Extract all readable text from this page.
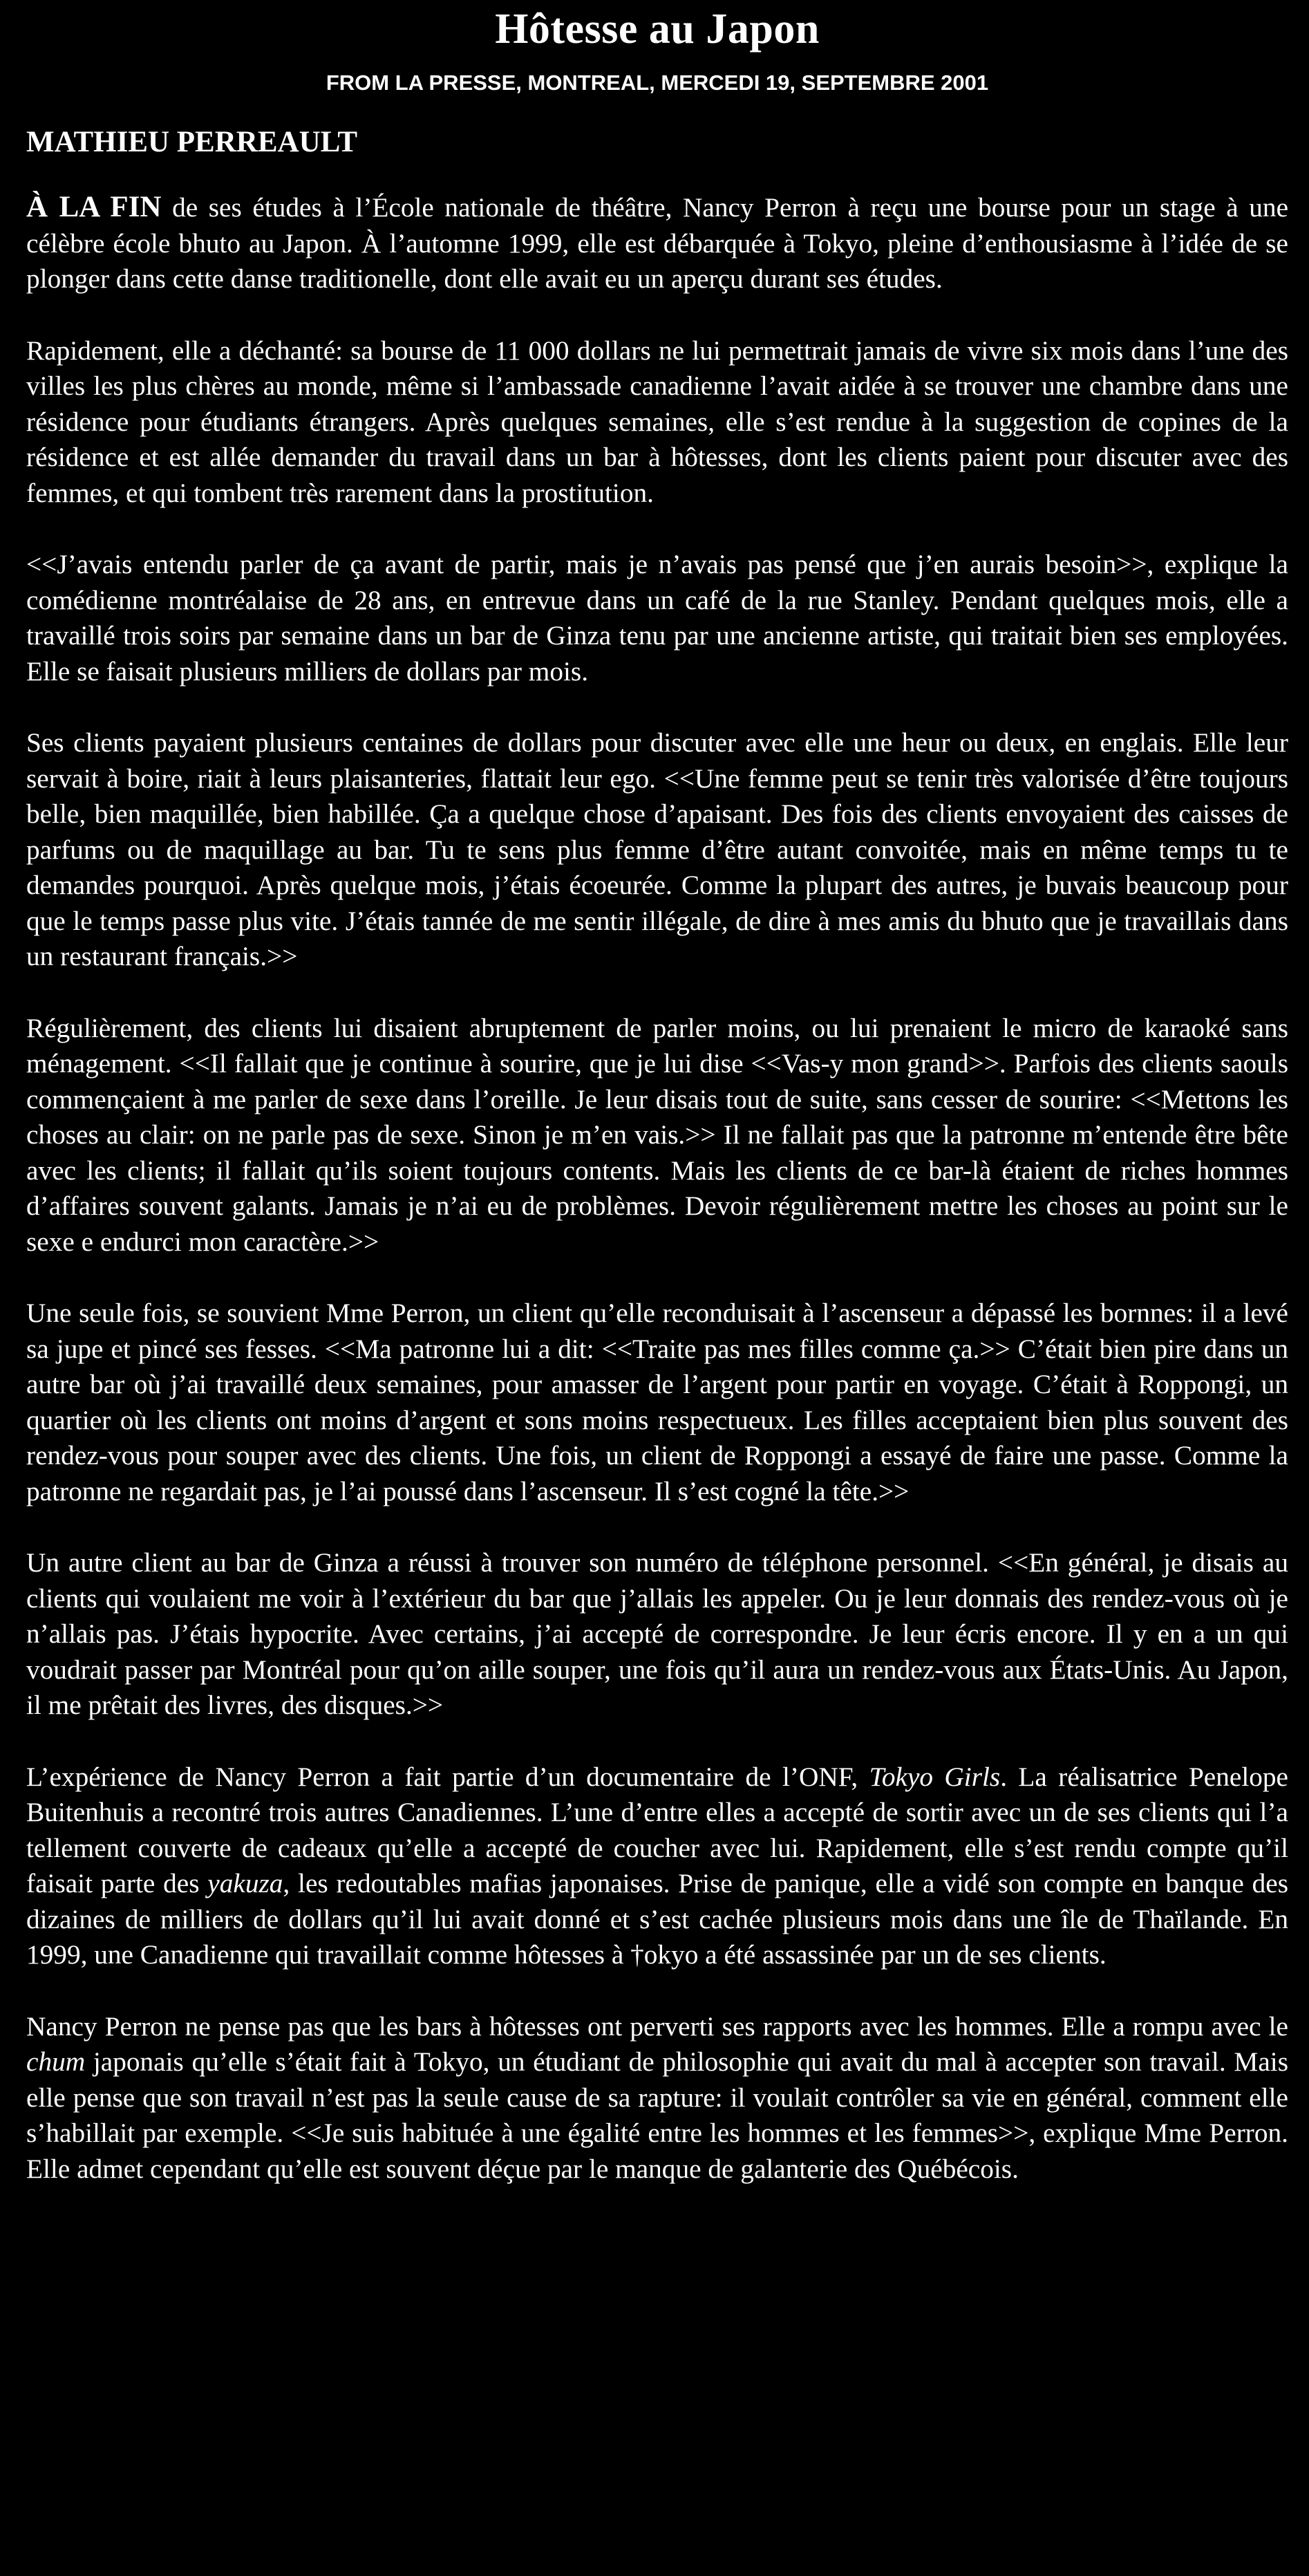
Hôtesse au Japon
FROM LA PRESSE, MONTREAL, MERCEDI 19, SEPTEMBRE 2001
MATHIEU PERREAULT

À LA FIN de ses études à l’École nationale de théâtre, Nancy Perron à reçu une bourse pour un stage à une célèbre école bhuto au Japon. À l’automne 1999, elle est débarquée à Tokyo, pleine d’enthousiasme à l’idée de se plonger dans cette danse traditionelle, dont elle avait eu un aperçu durant ses études.

Rapidement, elle a déchanté: sa bourse de 11 000 dollars ne lui permettrait jamais de vivre six mois dans l’une des villes les plus chères au monde, même si l’ambassade canadienne l’avait aidée à se trouver une chambre dans une résidence pour étudiants étrangers. Après quelques semaines, elle s’est rendue à la suggestion de copines de la résidence et est allée demander du travail dans un bar à hôtesses, dont les clients paient pour discuter avec des femmes, et qui tombent très rarement dans la prostitution.

<<J’avais entendu parler de ça avant de partir, mais je n’avais pas pensé que j’en aurais besoin>>, explique la comédienne montréalaise de 28 ans, en entrevue dans un café de la rue Stanley. Pendant quelques mois, elle a travaillé trois soirs par semaine dans un bar de Ginza tenu par une ancienne artiste, qui traitait bien ses employées. Elle se faisait plusieurs milliers de dollars par mois.

Ses clients payaient plusieurs centaines de dollars pour discuter avec elle une heur ou deux, en englais. Elle leur servait à boire, riait à leurs plaisanteries, flattait leur ego. <<Une femme peut se tenir très valorisée d’être toujours belle, bien maquillée, bien habillée. Ça a quelque chose d’apaisant. Des fois des clients envoyaient des caisses de parfums ou de maquillage au bar. Tu te sens plus femme d’être autant convoitée, mais en même temps tu te demandes pourquoi. Après quelque mois, j’étais écoeurée. Comme la plupart des autres, je buvais beaucoup pour que le temps passe plus vite. J’étais tannée de me sentir illégale, de dire à mes amis du bhuto que je travaillais dans un restaurant français.>>

Régulièrement, des clients lui disaient abruptement de parler moins, ou lui prenaient le micro de karaoké sans ménagement. <<Il fallait que je continue à sourire, que je lui dise <<Vas-y mon grand>>. Parfois des clients saouls commençaient à me parler de sexe dans l’oreille. Je leur disais tout de suite, sans cesser de sourire: <<Mettons les choses au clair: on ne parle pas de sexe. Sinon je m’en vais.>> Il ne fallait pas que la patronne m’entende être bête avec les clients; il fallait qu’ils soient toujours contents. Mais les clients de ce bar-là étaient de riches hommes d’affaires souvent galants. Jamais je n’ai eu de problèmes. Devoir régulièrement mettre les choses au point sur le sexe e endurci mon caractère.>>

Une seule fois, se souvient Mme Perron, un client qu’elle reconduisait à l’ascenseur a dépassé les bornnes: il a levé sa jupe et pincé ses fesses. <<Ma patronne lui a dit: <<Traite pas mes filles comme ça.>> C’était bien pire dans un autre bar où j’ai travaillé deux semaines, pour amasser de l’argent pour partir en voyage. C’était à Roppongi, un quartier où les clients ont moins d’argent et sons moins respectueux. Les filles acceptaient bien plus souvent des rendez-vous pour souper avec des clients. Une fois, un client de Roppongi a essayé de faire une passe. Comme la patronne ne regardait pas, je l’ai poussé dans l’ascenseur. Il s’est cogné la tête.>>

Un autre client au bar de Ginza a réussi à trouver son numéro de téléphone personnel. <<En général, je disais au clients qui voulaient me voir à l’extérieur du bar que j’allais les appeler. Ou je leur donnais des rendez-vous où je n’allais pas. J’étais hypocrite. Avec certains, j’ai accepté de correspondre. Je leur écris encore. Il y en a un qui voudrait passer par Montréal pour qu’on aille souper, une fois qu’il aura un rendez-vous aux États-Unis. Au Japon, il me prêtait des livres, des disques.>>

L’expérience de Nancy Perron a fait partie d’un documentaire de l’ONF, Tokyo Girls. La réalisatrice Penelope Buitenhuis a recontré trois autres Canadiennes. L’une d’entre elles a accepté de sortir avec un de ses clients qui l’a tellement couverte de cadeaux qu’elle a accepté de coucher avec lui. Rapidement, elle s’est rendu compte qu’il faisait parte des yakuza, les redoutables mafias japonaises. Prise de panique, elle a vidé son compte en banque des dizaines de milliers de dollars qu’il lui avait donné et s’est cachée plusieurs mois dans une île de Thaïlande. En 1999, une Canadienne qui travaillait comme hôtesses à †okyo a été assassinée par un de ses clients.

Nancy Perron ne pense pas que les bars à hôtesses ont perverti ses rapports avec les hommes. Elle a rompu avec le chum japonais qu’elle s’était fait à Tokyo, un étudiant de philosophie qui avait du mal à accepter son travail. Mais elle pense que son travail n’est pas la seule cause de sa rapture: il voulait contrôler sa vie en général, comment elle s’habillait par exemple. <<Je suis habituée à une égalité entre les hommes et les femmes>>, explique Mme Perron. Elle admet cependant qu’elle est souvent déçue par le manque de galanterie des Québécois.
